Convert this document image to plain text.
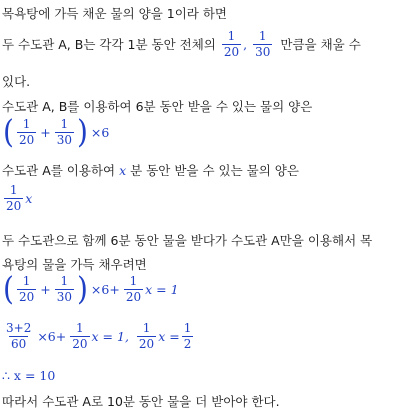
목욕탕에 가득 채운 물의 양을 1이라 하면
두 수도관 A, B는 각각 1분 동안 전체의 $\frac{1}{20}$ , $\frac{1}{30}$ 만큼을 채울 수
있다.
수도관 A, B를 이용하여 6분 동안 받을 수 있는 물의 양은
( $\frac{1}{20} + \frac{1}{30}$ ) ×6
수도관 A를 이용하여 x 분 동안 받을 수 있는 물의 양은
$\frac{1}{20}$ x
두 수도관으로 함께 6분 동안 물을 받다가 수도관 A만을 이용해서 목
욕탕의 물을 가득 채우려면
( $\frac{1}{20} + \frac{1}{30}$ ) $\times 6+ \frac{1}{20}$ x = 1
$\frac{3+2}{60} \times 6+ \frac{1}{20}$ x = 1, $\frac{1}{20}$ $x = \frac{1}{2}$
∴ x = 10
따라서 수도관 A로 10분 동안 물을 더 받아야 한다.
